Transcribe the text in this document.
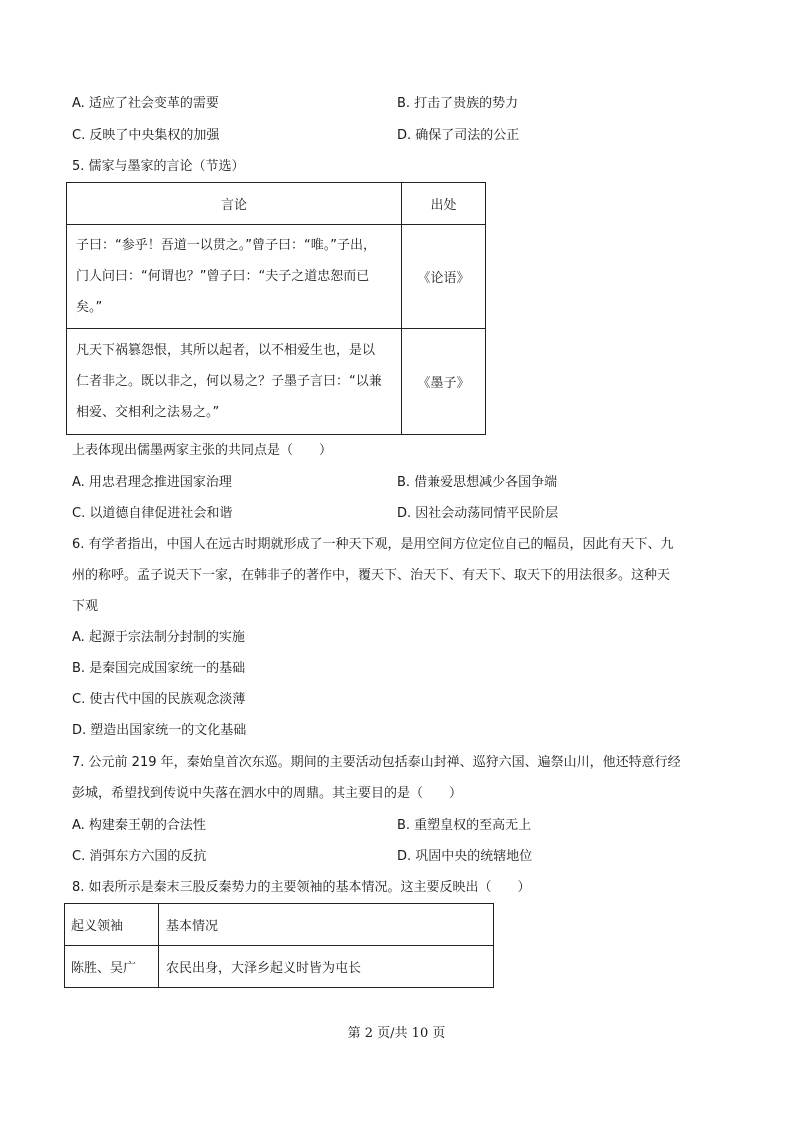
A. 适应了社会变革的需要	B. 打击了贵族的势力
C. 反映了中央集权的加强	D. 确保了司法的公正
5. 儒家与墨家的言论（节选）
言论	出处

子曰：“参乎！吾道一以贯之。”曾子曰：“唯。”子出，
门人问曰：“何谓也？”曾子曰：“夫子之道忠恕而已
矣。”	《论语》

凡天下祸篡怨恨，其所以起者，以不相爱生也，是以
仁者非之。既以非之，何以易之？子墨子言曰：“以兼
相爱、交相利之法易之。”	《墨子》
上表体现出儒墨两家主张的共同点是（　　）
A. 用忠君理念推进国家治理	B. 借兼爱思想减少各国争端
C. 以道德自律促进社会和谐	D. 因社会动荡同情平民阶层
6. 有学者指出，中国人在远古时期就形成了一种天下观，是用空间方位定位自己的幅员，因此有天下、九
州的称呼。孟子说天下一家，在韩非子的著作中，覆天下、治天下、有天下、取天下的用法很多。这种天
下观
A. 起源于宗法制分封制的实施
B. 是秦国完成国家统一的基础
C. 使古代中国的民族观念淡薄
D. 塑造出国家统一的文化基础
7. 公元前 219 年，秦始皇首次东巡。期间的主要活动包括泰山封禅、巡狩六国、遍祭山川，他还特意行经
彭城，希望找到传说中失落在泗水中的周鼎。其主要目的是（　　）
A. 构建秦王朝的合法性	B. 重塑皇权的至高无上
C. 消弭东方六国的反抗	D. 巩固中央的统辖地位
8. 如表所示是秦末三股反秦势力的主要领袖的基本情况。这主要反映出（　　）
起义领袖	基本情况
陈胜、吴广	农民出身，大泽乡起义时皆为屯长
第 2 页/共 10 页
